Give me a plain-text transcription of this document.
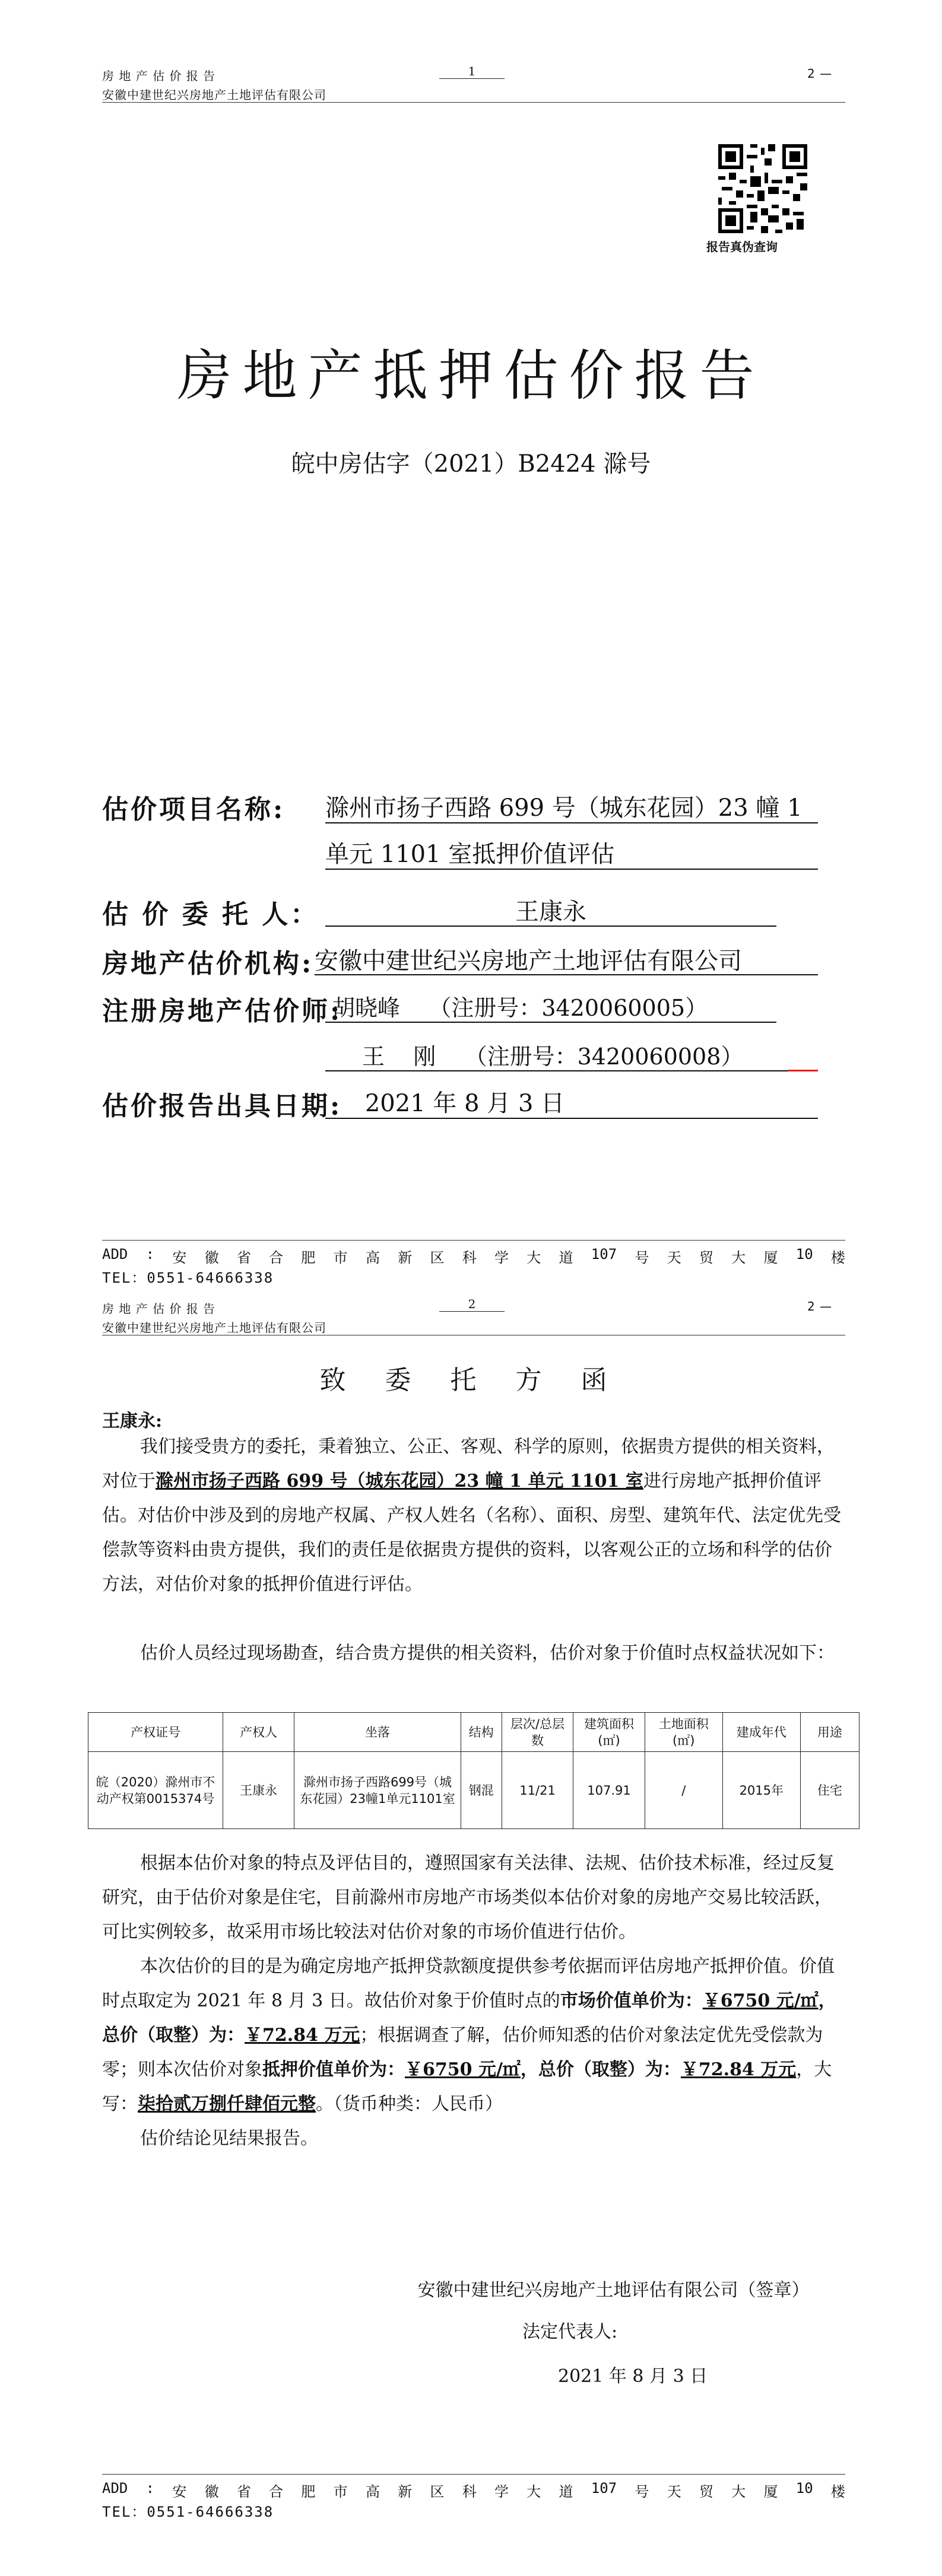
房 地 产 估 价 报 告
安徽中建世纪兴房地产土地评估有限公司
1	2 —
报告真伪查询
房地产抵押估价报告
皖中房估字（2021）B2424 滁号
估价项目名称: 滁州市扬子西路 699 号（城东花园）23 幢 1
单元 1101 室抵押价值评估
估 价 委 托 人：	王康永
房地产估价机构: 安徽中建世纪兴房地产土地评估有限公司
注册房地产估价师:
胡晓峰    （注册号：3420060005）
王    刚    （注册号：3420060008）
估价报告出具日期: 2021 年 8 月 3 日
ADD : 安 徽 省 合 肥 市 高 新 区 科 学 大 道 107 号 天 贸 大 厦 10 楼
TEL：0551-64666338
房 地 产 估 价 报 告
安徽中建世纪兴房地产土地评估有限公司
2	2 —
致 委 托 方 函
王康永:

我们接受贵方的委托，秉着独立、公正、客观、科学的原则，依据贵方提供的相关资料，对位于滁州市扬子西路 699 号（城东花园）23 幢 1 单元 1101 室进行房地产抵押价值评估。对估价中涉及到的房地产权属、产权人姓名（名称）、面积、房型、建筑年代、法定优先受偿款等资料由贵方提供，我们的责任是依据贵方提供的资料，以客观公正的立场和科学的估价方法，对估价对象的抵押价值进行评估。

估价人员经过现场勘查，结合贵方提供的相关资料，估价对象于价值时点权益状况如下：

产权证号	产权人	坐落	结构	层次/总层数	建筑面积(㎡)	土地面积(㎡)	建成年代	用途
皖（2020）滁州市不动产权第0015374号	王康永	滁州市扬子西路699号（城东花园）23幢1单元1101室	钢混	11/21	107.91	/	2015年	住宅

根据本估价对象的特点及评估目的，遵照国家有关法律、法规、估价技术标准，经过反复研究，由于估价对象是住宅，目前滁州市房地产市场类似本估价对象的房地产交易比较活跃，可比实例较多，故采用市场比较法对估价对象的市场价值进行估价。

本次估价的目的是为确定房地产抵押贷款额度提供参考依据而评估房地产抵押价值。价值时点取定为 2021 年 8 月 3 日。故估价对象于价值时点的市场价值单价为：￥6750 元/㎡，总价（取整）为：￥72.84 万元；根据调查了解，估价师知悉的估价对象法定优先受偿款为零；则本次估价对象抵押价值单价为：￥6750 元/㎡，总价（取整）为：￥72.84 万元，大写：柒拾贰万捌仟肆佰元整。（货币种类：人民币）

估价结论见结果报告。

安徽中建世纪兴房地产土地评估有限公司（签章）
法定代表人:
2021 年 8 月 3 日
ADD : 安 徽 省 合 肥 市 高 新 区 科 学 大 道 107 号 天 贸 大 厦 10 楼
TEL：0551-64666338
